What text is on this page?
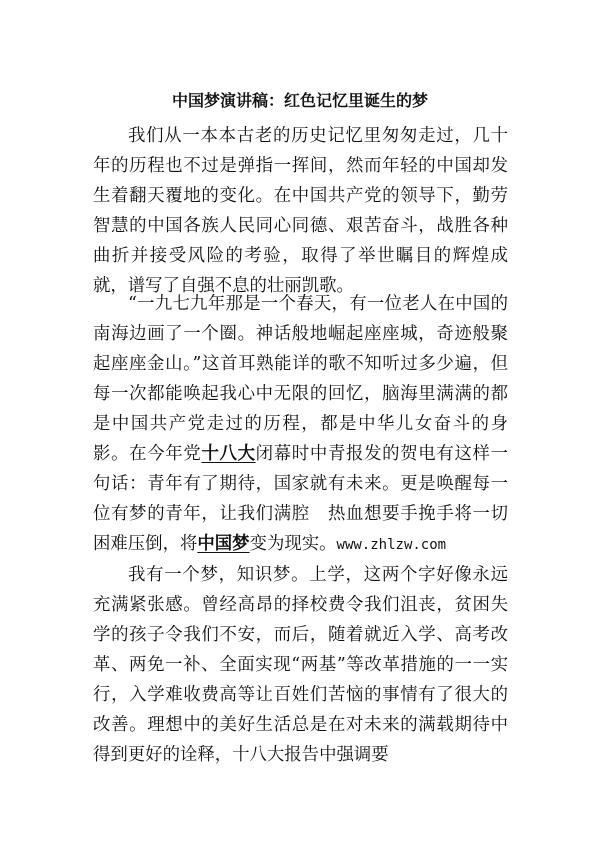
中国梦演讲稿：红色记忆里诞生的梦

我们从一本本古老的历史记忆里匆匆走过，几十年的历程也不过是弹指一挥间，然而年轻的中国却发生着翻天覆地的变化。在中国共产党的领导下，勤劳智慧的中国各族人民同心同德、艰苦奋斗，战胜各种曲折并接受风险的考验，取得了举世瞩目的辉煌成就，谱写了自强不息的壮丽凯歌。

“一九七九年那是一个春天，有一位老人在中国的南海边画了一个圈。神话般地崛起座座城，奇迹般聚起座座金山。”这首耳熟能详的歌不知听过多少遍，但每一次都能唤起我心中无限的回忆，脑海里满满的都是中国共产党走过的历程，都是中华儿女奋斗的身影。在今年党十八大闭幕时中青报发的贺电有这样一句话：青年有了期待，国家就有未来。更是唤醒每一位有梦的青年，让我们满腔　热血想要手挽手将一切困难压倒，将中国梦变为现实。www.zhlzw.com

我有一个梦，知识梦。上学，这两个字好像永远充满紧张感。曾经高昂的择校费令我们沮丧，贫困失学的孩子令我们不安，而后，随着就近入学、高考改革、两免一补、全面实现“两基”等改革措施的一一实行，入学难收费高等让百姓们苦恼的事情有了很大的改善。理想中的美好生活总是在对未来的满载期待中得到更好的诠释，十八大报告中强调要
